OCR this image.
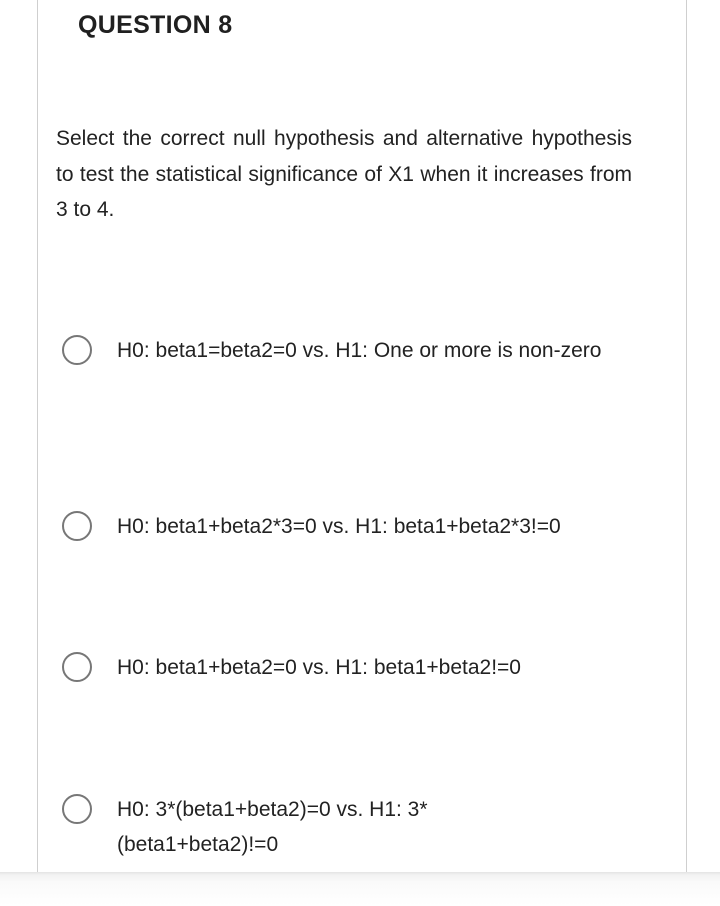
QUESTION 8

Select the correct null hypothesis and alternative hypothesis to test the statistical significance of X1 when it increases from 3 to 4.

H0: beta1=beta2=0 vs. H1: One or more is non-zero
H0: beta1+beta2*3=0 vs. H1: beta1+beta2*3!=0
H0: beta1+beta2=0 vs. H1: beta1+beta2!=0
H0: 3*(beta1+beta2)=0 vs. H1: 3*(beta1+beta2)!=0
